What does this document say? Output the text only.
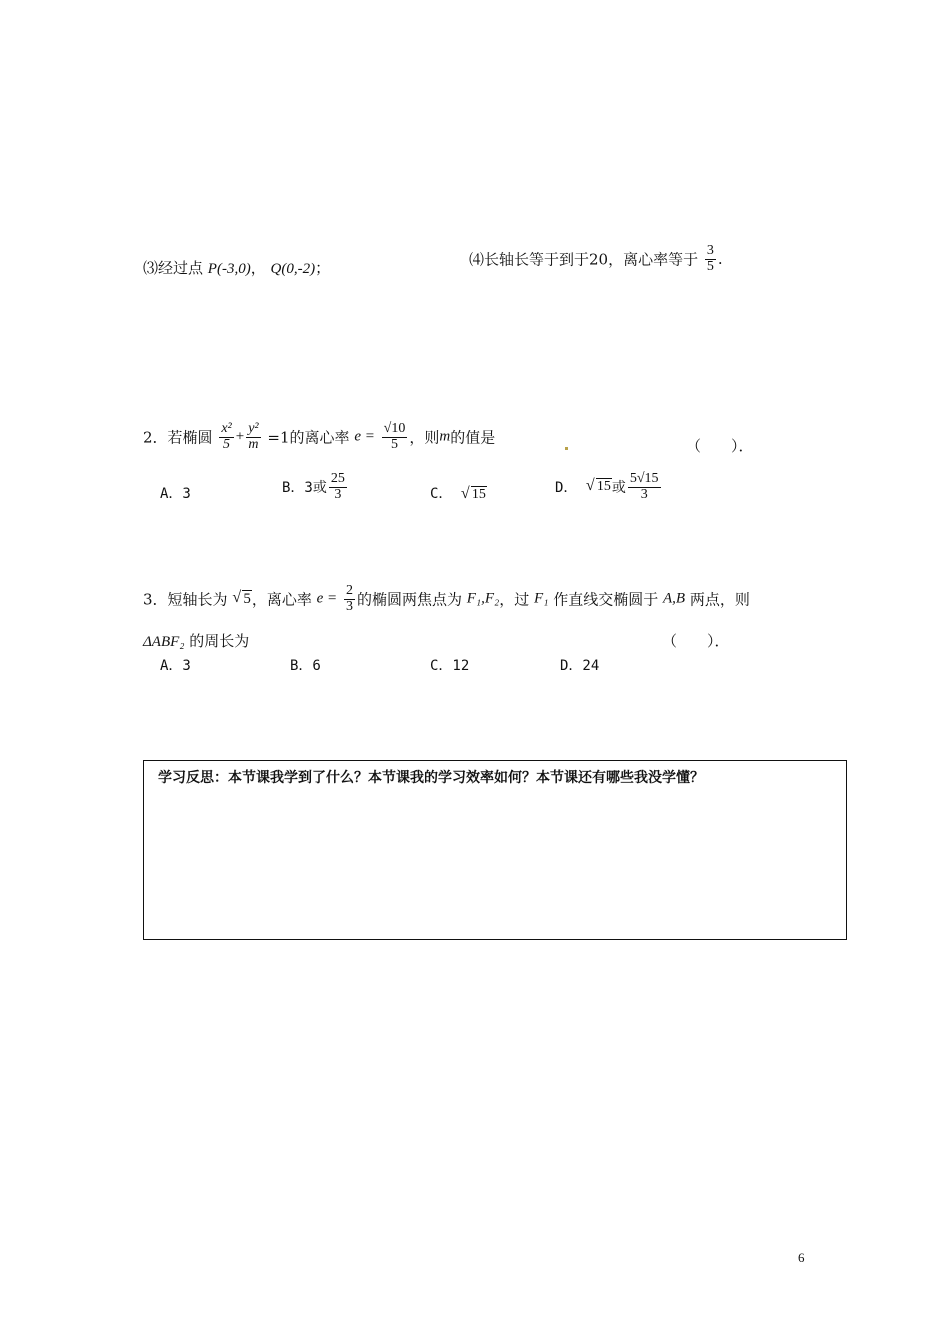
⑶经过点 P(-3,0)， Q(0,-2)；	⑷长轴长等于到于20，离心率等于 $\frac{3}{5}$ .
2．若椭圆 $\frac{\text{x²}}{5} + \frac{\text{y²}}{m} =1$的离心率 $e = \frac{√10}{5}$ ，则m的值是	（　　）．
A．3	B．3或 $\frac{25}{3}$	C． √ 15	D． √ 15或 $\frac{5√15}{3}$
3．短轴长为 √ 5，离心率 $e = \frac{2}{3}$ 的椭圆两焦点为 F₁,F₂，过 F₁ 作直线交椭圆于 A,B 两点，则
ΔABF₂ 的周长为	（　　）．
A．3	B．6	C．12	D．24
学习反思：本节课我学到了什么？本节课我的学习效率如何？本节课还有哪些我没学懂？
6
